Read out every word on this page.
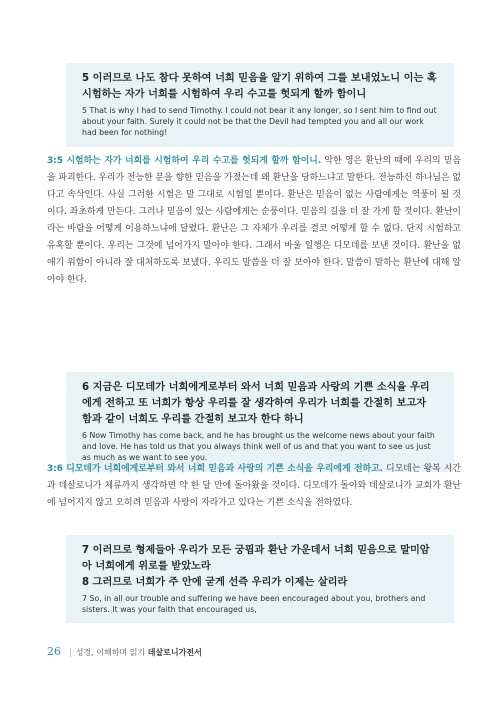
5 이러므로 나도 참다 못하여 너희 믿음을 알기 위하여 그를 보내었노니 이는 혹 시험하는 자가 너희를 시험하여 우리 수고를 헛되게 할까 함이니
5 That is why I had to send Timothy. I could not bear it any longer, so I sent him to find out about your faith. Surely it could not be that the Devil had tempted you and all our work had been for nothing!
3:5 시험하는 자가 너희를 시험하여 우리 수고를 헛되게 할까 함이니. 악한 영은 환난의 때에 우리의 믿음을 파괴한다. 우리가 전능한 분을 향한 믿음을 가졌는데 왜 환난을 당하느냐고 말한다. 전능하신 하나님은 없다고 속삭인다. 사실 그러한 시험은 말 그대로 시험일 뿐이다. 환난은 믿음이 없는 사람에게는 역풍이 될 것이다. 좌초하게 만든다. 그러나 믿음이 있는 사람에게는 순풍이다. 믿음의 길을 더 잘 가게 할 것이다. 환난이라는 바람을 어떻게 이용하느냐에 달렸다. 환난은 그 자체가 우리를 결코 어떻게 할 수 없다. 단지 시험하고 유혹할 뿐이다. 우리는 그것에 넘어가지 말아야 한다. 그래서 바울 일행은 디모데를 보낸 것이다. 환난을 없애기 위함이 아니라 잘 대처하도록 보냈다. 우리도 말씀을 더 잘 보아야 한다. 말씀이 말하는 환난에 대해 알아야 한다.
6 지금은 디모데가 너희에게로부터 와서 너희 믿음과 사랑의 기쁜 소식을 우리에게 전하고 또 너희가 항상 우리를 잘 생각하여 우리가 너희를 간절히 보고자 함과 같이 너희도 우리를 간절히 보고자 한다 하니
6 Now Timothy has come back, and he has brought us the welcome news about your faith and love. He has told us that you always think well of us and that you want to see us just as much as we want to see you.
3:6 디모데가 너희에게로부터 와서 너희 믿음과 사랑의 기쁜 소식을 우리에게 전하고. 디모데는 왕복 시간과 데살로니가 체류까지 생각하면 약 한 달 만에 돌아왔을 것이다. 디모데가 돌아와 데살로니가 교회가 환난에 넘어지지 않고 오히려 믿음과 사랑이 자라가고 있다는 기쁜 소식을 전하였다.
7 이러므로 형제들아 우리가 모든 궁핍과 환난 가운데서 너희 믿음으로 말미암아 너희에게 위로를 받았노라
8 그러므로 너희가 주 안에 굳게 선즉 우리가 이제는 살리라
7 So, in all our trouble and suffering we have been encouraged about you, brothers and sisters. It was your faith that encouraged us,
26 | 성경, 이해하며 읽기 데살로니가전서
